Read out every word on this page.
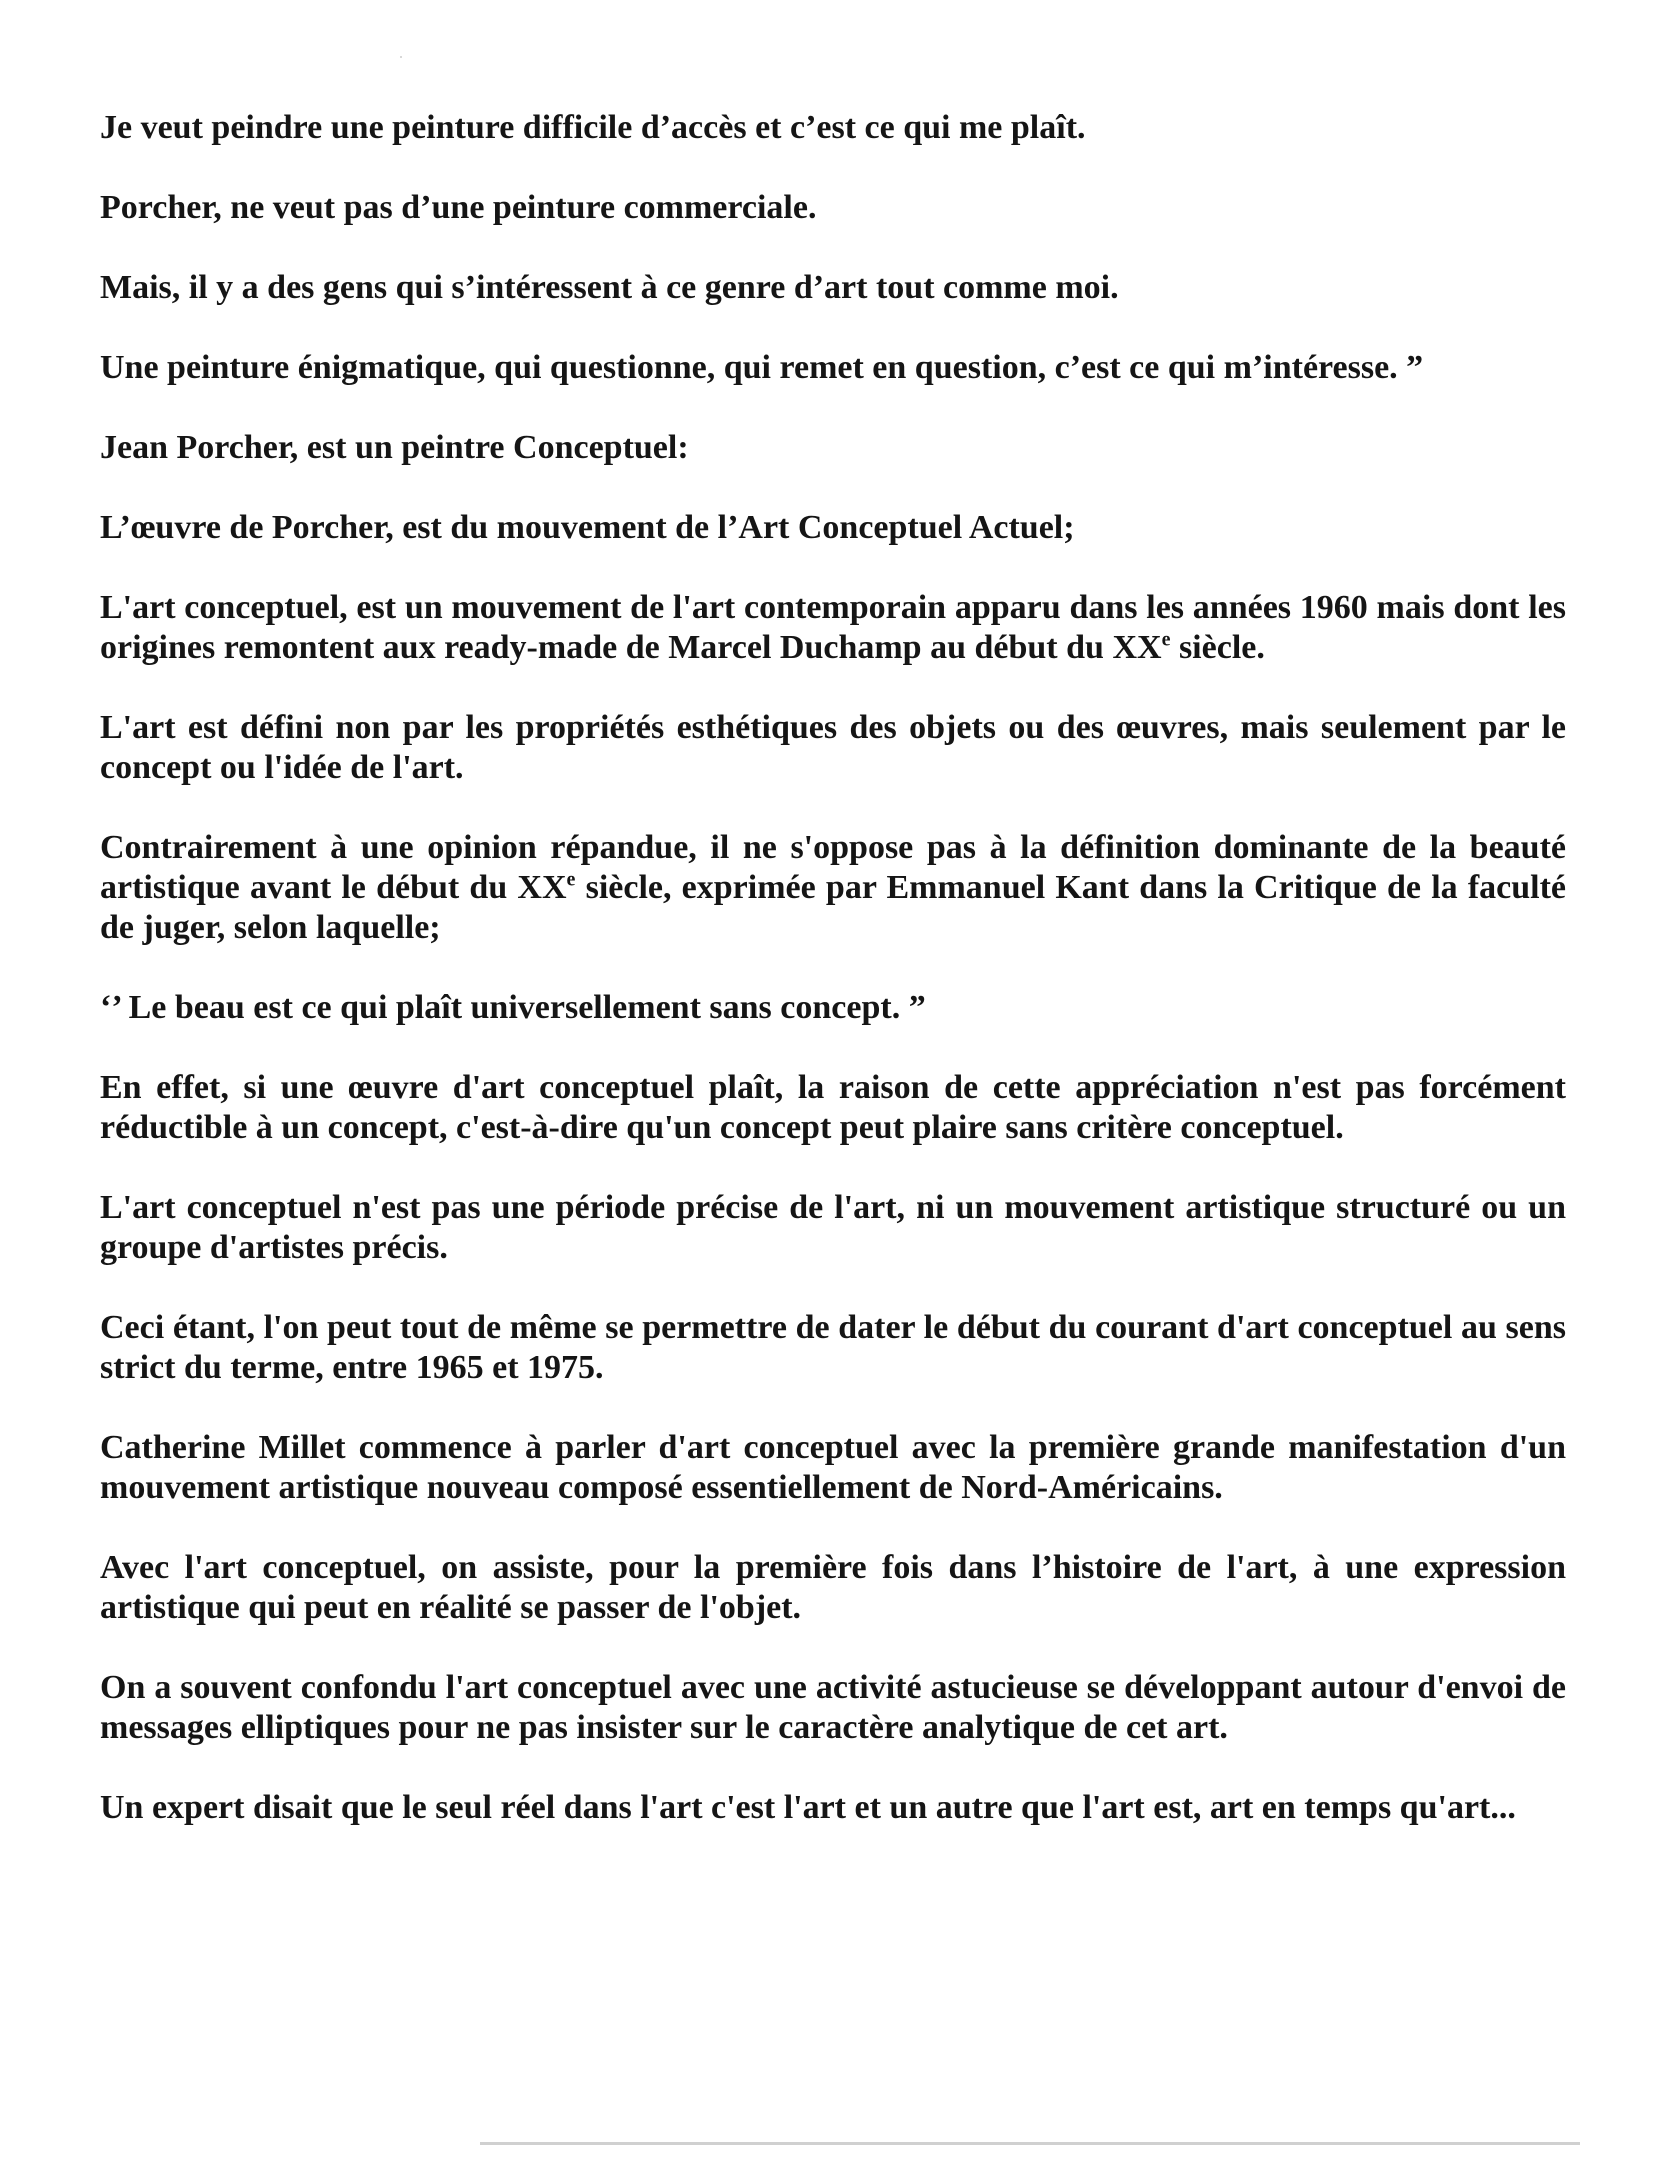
Je veut peindre une peinture difficile d’accès et c’est ce qui me plaît.

Porcher, ne veut pas d’une peinture commerciale.

Mais, il y a des gens qui s’intéressent à ce genre d’art tout comme moi.

Une peinture énigmatique, qui questionne, qui remet en question, c’est ce qui m’intéresse. ”

Jean Porcher, est un peintre Conceptuel:

L’œuvre de Porcher, est du mouvement de l’Art Conceptuel Actuel;

L'art conceptuel, est un mouvement de l'art contemporain apparu dans les années 1960 mais dont les origines remontent aux ready-made de Marcel Duchamp au début du XXe siècle.

L'art est défini non par les propriétés esthétiques des objets ou des œuvres, mais seulement par le concept ou l'idée de l'art.

Contrairement à une opinion répandue, il ne s'oppose pas à la définition dominante de la beauté artistique avant le début du XXe siècle, exprimée par Emmanuel Kant dans la Critique de la faculté de juger, selon laquelle;

‘’ Le beau est ce qui plaît universellement sans concept. ”

En effet, si une œuvre d'art conceptuel plaît, la raison de cette appréciation n'est pas forcément réductible à un concept, c'est-à-dire qu'un concept peut plaire sans critère conceptuel.

L'art conceptuel n'est pas une période précise de l'art, ni un mouvement artistique structuré ou un groupe d'artistes précis.

Ceci étant, l'on peut tout de même se permettre de dater le début du courant d'art conceptuel au sens strict du terme, entre 1965 et 1975.

Catherine Millet commence à parler d'art conceptuel avec la première grande manifestation d'un mouvement artistique nouveau composé essentiellement de Nord-Américains.

Avec l'art conceptuel, on assiste, pour la première fois dans l’histoire de l'art, à une expression artistique qui peut en réalité se passer de l'objet.

On a souvent confondu l'art conceptuel avec une activité astucieuse se développant autour d'envoi de messages elliptiques pour ne pas insister sur le caractère analytique de cet art.

Un expert disait que le seul réel dans l'art c'est l'art et un autre que l'art est, art en temps qu'art...
